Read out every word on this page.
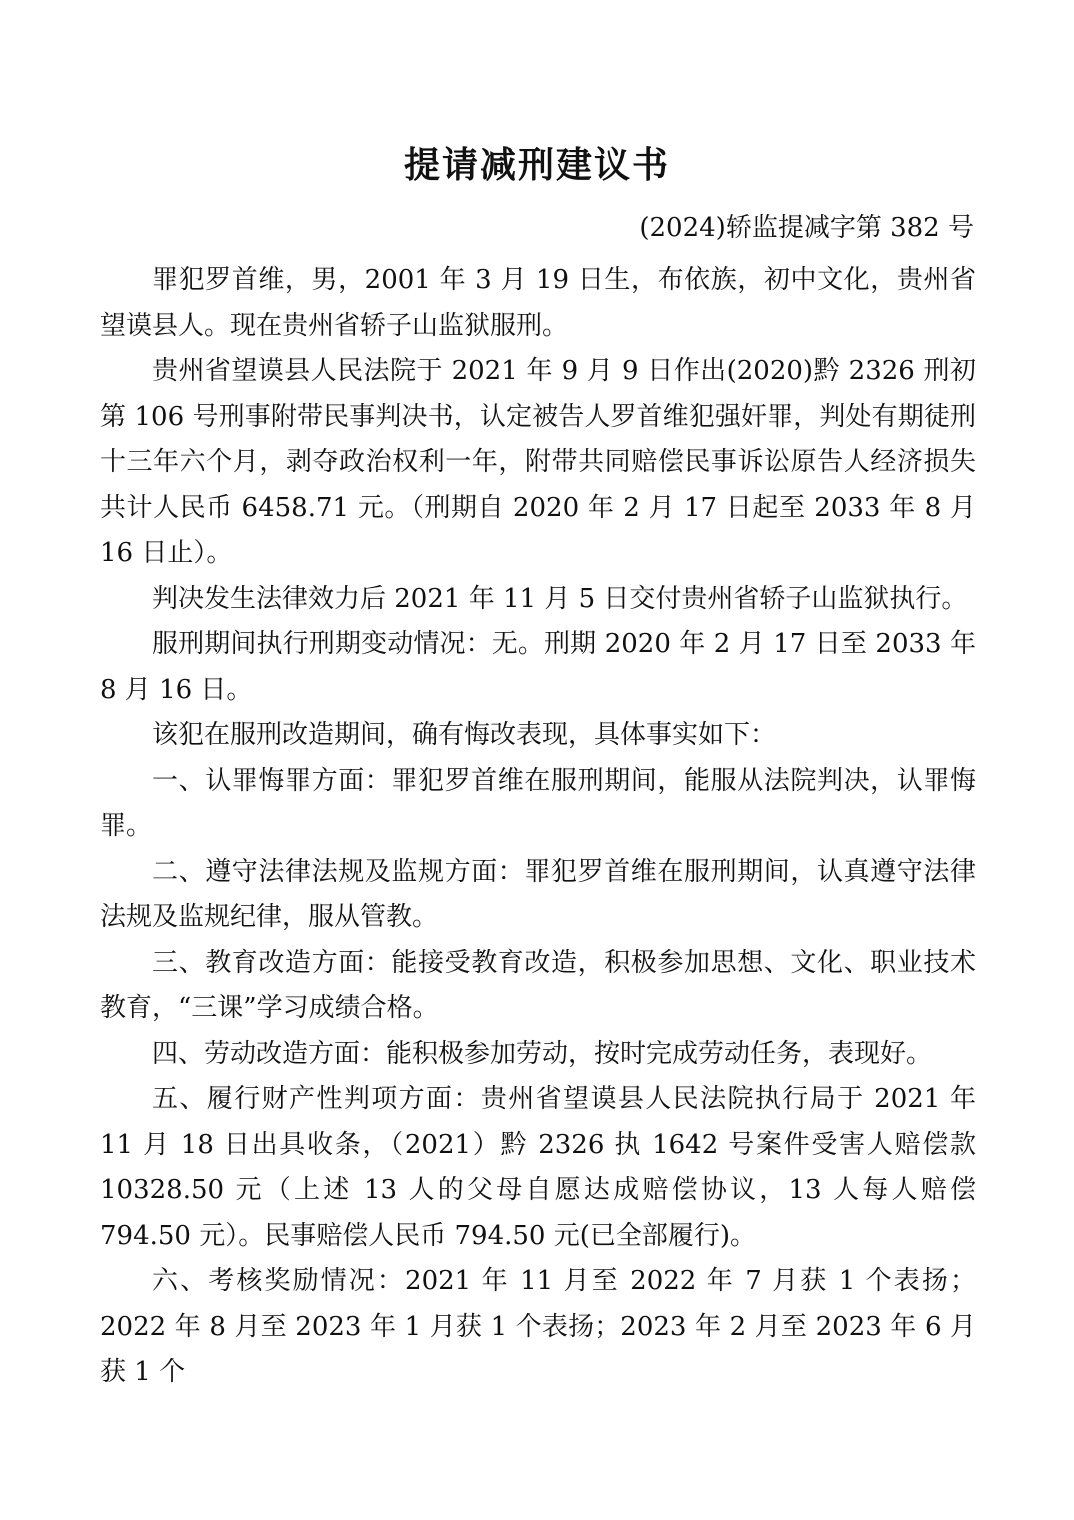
提请减刑建议书
(2024)轿监提减字第 382 号

罪犯罗首维，男，2001 年 3 月 19 日生，布依族，初中文化，贵州省望谟县人。现在贵州省轿子山监狱服刑。

贵州省望谟县人民法院于 2021 年 9 月 9 日作出(2020)黔 2326 刑初第 106 号刑事附带民事判决书，认定被告人罗首维犯强奸罪，判处有期徒刑十三年六个月，剥夺政治权利一年，附带共同赔偿民事诉讼原告人经济损失共计人民币 6458.71 元。（刑期自 2020 年 2 月 17 日起至 2033 年 8 月 16 日止）。

判决发生法律效力后 2021 年 11 月 5 日交付贵州省轿子山监狱执行。

服刑期间执行刑期变动情况：无。刑期 2020 年 2 月 17 日至 2033 年 8 月 16 日。

该犯在服刑改造期间，确有悔改表现，具体事实如下：

一、认罪悔罪方面：罪犯罗首维在服刑期间，能服从法院判决，认罪悔罪。

二、遵守法律法规及监规方面：罪犯罗首维在服刑期间，认真遵守法律法规及监规纪律，服从管教。

三、教育改造方面：能接受教育改造，积极参加思想、文化、职业技术教育，“三课”学习成绩合格。

四、劳动改造方面：能积极参加劳动，按时完成劳动任务，表现好。

五、履行财产性判项方面：贵州省望谟县人民法院执行局于 2021 年 11 月 18 日出具收条，（2021）黔 2326 执 1642 号案件受害人赔偿款 10328.50 元（上述 13 人的父母自愿达成赔偿协议，13 人每人赔偿794.50 元）。民事赔偿人民币 794.50 元(已全部履行)。

六、考核奖励情况：2021 年 11 月至 2022 年 7 月获 1 个表扬；2022 年 8 月至 2023 年 1 月获 1 个表扬；2023 年 2 月至 2023 年 6 月获 1 个
